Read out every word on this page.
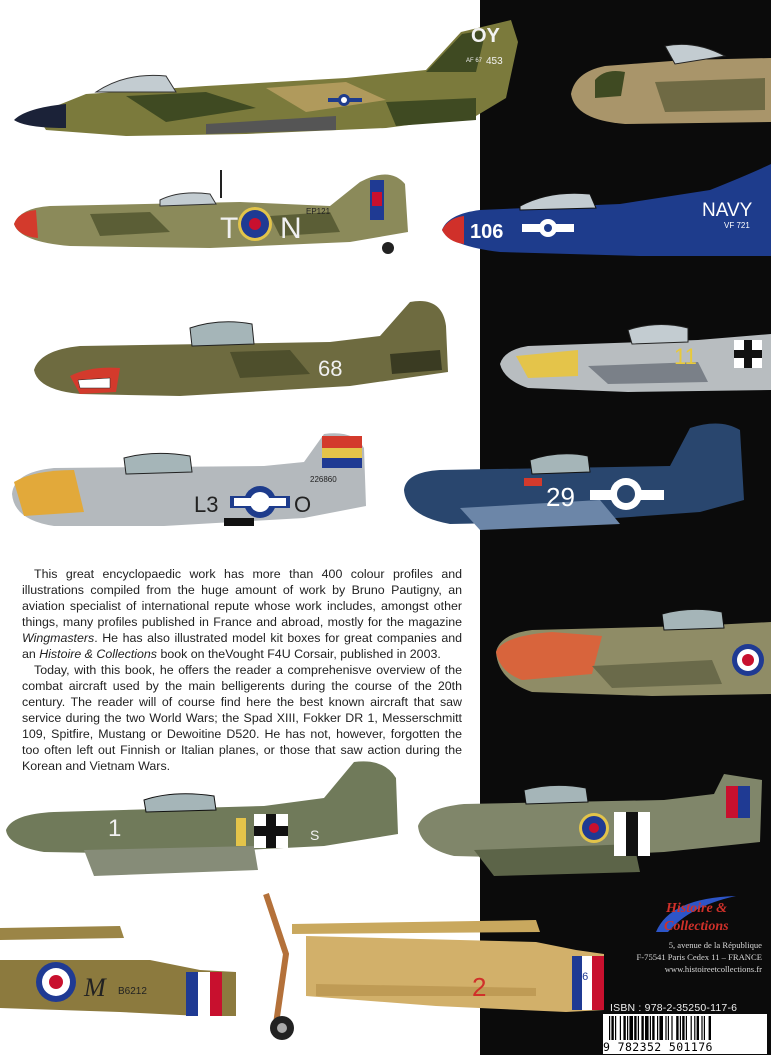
OY
453
AF 67
T N
EP121
106
NAVY
VF 721
68	11
L3	O
226860
29

This great encyclopaedic work has more than 400 colour profiles and illustrations compiled from the huge amount of work by Bruno Pautigny, an aviation specialist of international repute whose work includes, amongst other things, many profiles published in France and abroad, mostly for the magazine Wingmasters. He has also illustrated model kit boxes for great companies and an Histoire & Collections book on theVought F4U Corsair, published in 2003.

Today, with this book, he offers the reader a comprehenisve overview of the combat aircraft used by the main belligerents during the course of the 20th century. The reader will of course find here the best known aircraft that saw service during the two World Wars; the Spad XIII, Fokker DR 1, Messerschmitt 109, Spitfire, Mustang or Dewoitine D520. He has not, however, forgotten the too often left out Finnish or Italian planes, or those that saw action during the Korean and Vietnam Wars.

1	S
M B6212	2	16
Histoire &
Collections
5, avenue de la République
F-75541 Paris Cedex 11 – FRANCE
www.histoireetcollections.fr
ISBN : 978-2-35250-117-6
9 782352 501176
